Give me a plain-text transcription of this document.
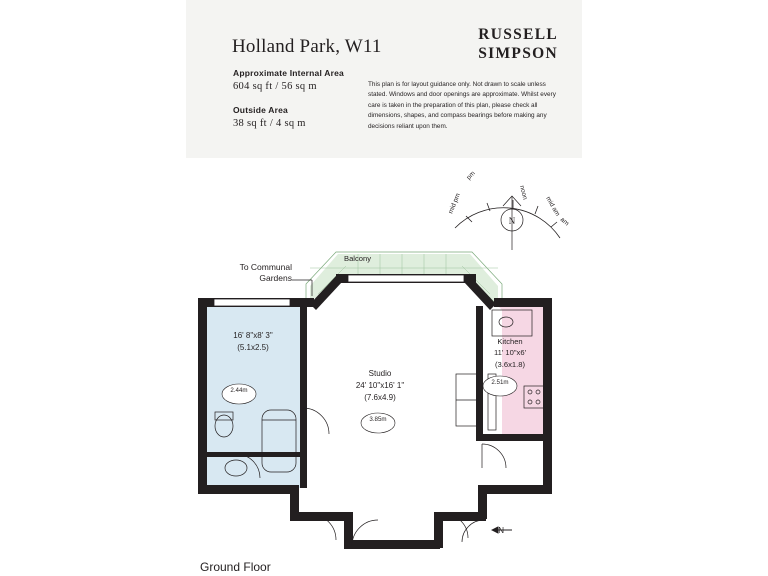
Holland Park, W11
Approximate Internal Area
604 sq ft / 56 sq m
Outside Area
38 sq ft / 4 sq m
RUSSELL
SIMPSON
This plan is for layout guidance only. Not drawn to scale unless stated. Windows and door openings are approximate. Whilst every care is taken in the preparation of this plan, please check all dimensions, shapes, and compass bearings before making any decisions reliant upon them.
N
pm
mid pm	noon
mid am
am
To Communal
Gardens
Balcony
16' 8"x8' 3"
(5.1x2.5)
Studio
24' 10"x16' 1"
(7.6x4.9)
Kitchen
11' 10"x6'
(3.6x1.8)
2.44m
2.51m
3.85m
IN
Ground Floor
